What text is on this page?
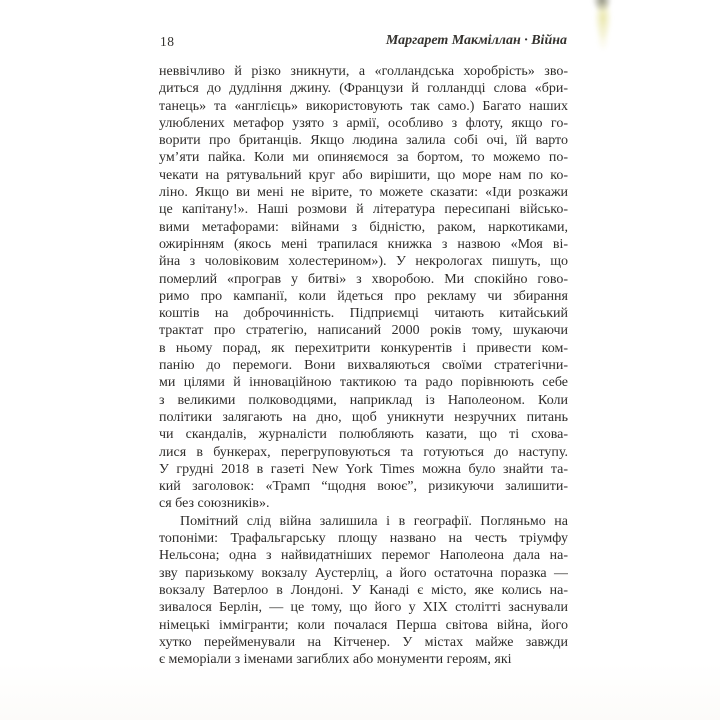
18	Маргарет Макміллан · Війна
неввічливо й різко зникнути, а «голландська хоробрість» зво-
диться до дудління джину. (Французи й голландці слова «бри-
танець» та «англієць» використовують так само.) Багато наших
улюблених метафор узято з армії, особливо з флоту, якщо го-
ворити про британців. Якщо людина залила собі очі, їй варто
ум’яти пайка. Коли ми опиняємося за бортом, то можемо по-
чекати на рятувальний круг або вирішити, що море нам по ко-
ліно. Якщо ви мені не вірите, то можете сказати: «Іди розкажи
це капітану!». Наші розмови й література пересипані військо-
вими метафорами: війнами з бідністю, раком, наркотиками,
ожирінням (якось мені трапилася книжка з назвою «Моя ві-
йна з чоловіковим холестерином»). У некрологах пишуть, що
померлий «програв у битві» з хворобою. Ми спокійно гово-
римо про кампанії, коли йдеться про рекламу чи збирання
коштів на доброчинність. Підприємці читають китайський
трактат про стратегію, написаний 2000 років тому, шукаючи
в ньому порад, як перехитрити конкурентів і привести ком-
панію до перемоги. Вони вихваляються своїми стратегічни-
ми цілями й інноваційною тактикою та радо порівнюють себе
з великими полководцями, наприклад із Наполеоном. Коли
політики залягають на дно, щоб уникнути незручних питань
чи скандалів, журналісти полюбляють казати, що ті схова-
лися в бункерах, перегруповуються та готуються до наступу.
У грудні 2018 в газеті New York Times можна було знайти та-
кий заголовок: «Трамп “щодня воює”, ризикуючи залишити-
ся без союзників».
Помітний слід війна залишила і в географії. Погляньмо на
топоніми: Трафальгарську площу названо на честь тріумфу
Нельсона; одна з найвидатніших перемог Наполеона дала на-
зву паризькому вокзалу Аустерліц, а його остаточна поразка —
вокзалу Ватерлоо в Лондоні. У Канаді є місто, яке колись на-
зивалося Берлін, — це тому, що його у XIX столітті заснували
німецькі іммігранти; коли почалася Перша світова війна, його
хутко перейменували на Кітченер. У містах майже завжди
є меморіали з іменами загиблих або монументи героям, які
